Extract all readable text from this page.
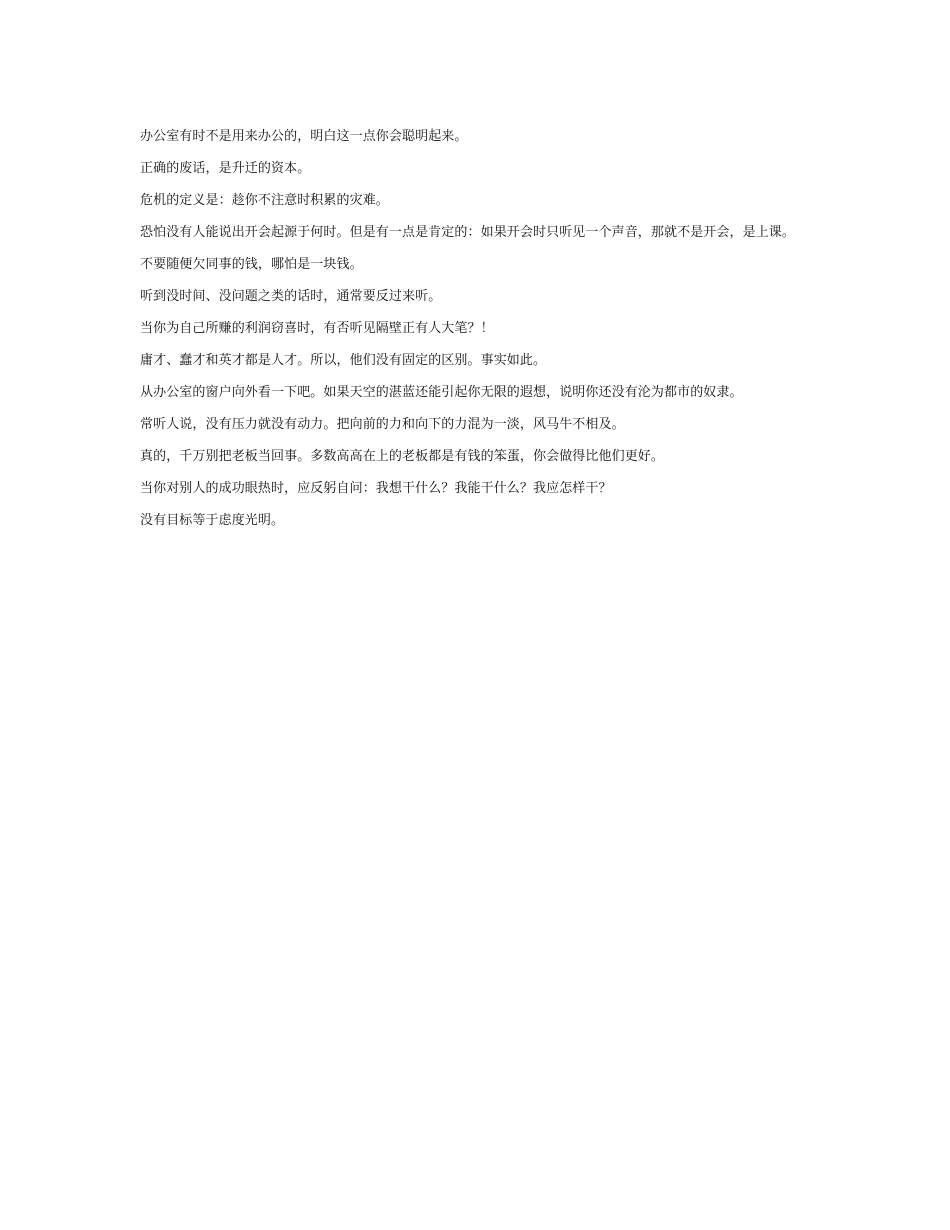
办公室有时不是用来办公的，明白这一点你会聪明起来。

正确的废话，是升迁的资本。

危机的定义是：趁你不注意时积累的灾难。

恐怕没有人能说出开会起源于何时。但是有一点是肯定的：如果开会时只听见一个声音，那就不是开会，是上课。

不要随便欠同事的钱，哪怕是一块钱。

听到没时间、没问题之类的话时，通常要反过来听。

当你为自己所赚的利润窃喜时，有否听见隔壁正有人大笔？！

庸才、蠢才和英才都是人才。所以，他们没有固定的区别。事实如此。

从办公室的窗户向外看一下吧。如果天空的湛蓝还能引起你无限的遐想，说明你还没有沦为都市的奴隶。

常听人说，没有压力就没有动力。把向前的力和向下的力混为一淡，风马牛不相及。

真的，千万别把老板当回事。多数高高在上的老板都是有钱的笨蛋，你会做得比他们更好。

当你对别人的成功眼热时，应反躬自问：我想干什么？我能干什么？我应怎样干？

没有目标等于虑度光明。
